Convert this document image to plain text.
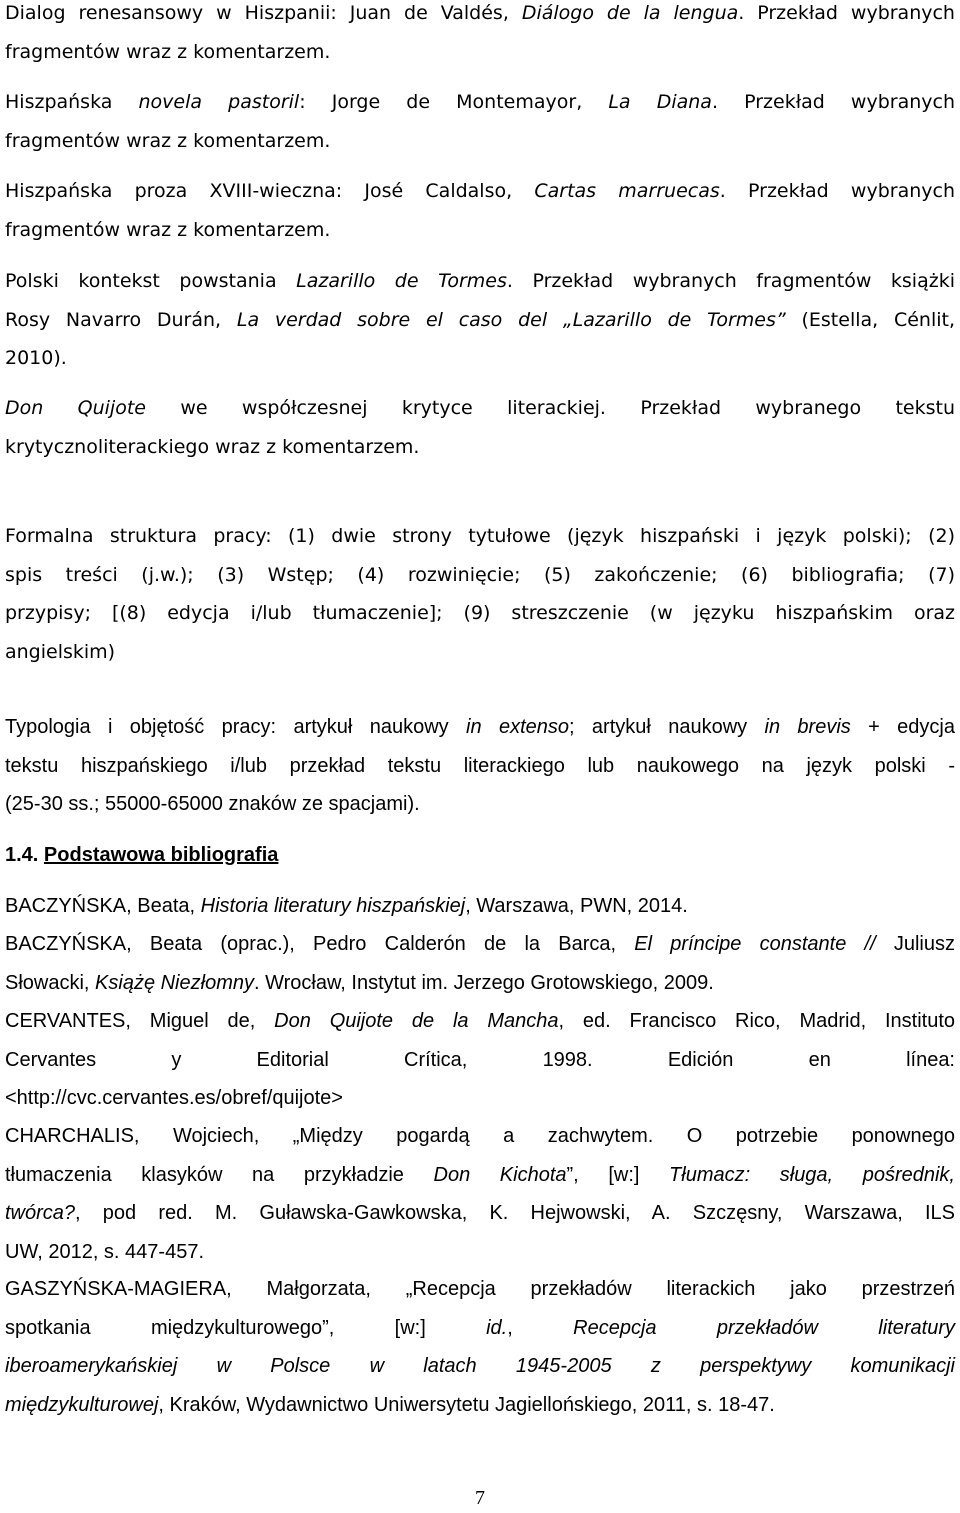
Dialog renesansowy w Hiszpanii: Juan de Valdés, Diálogo de la lengua. Przekład wybranych
fragmentów wraz z komentarzem.
Hiszpańska novela pastoril: Jorge de Montemayor, La Diana. Przekład wybranych
fragmentów wraz z komentarzem.
Hiszpańska proza XVIII-wieczna: José Caldalso, Cartas marruecas. Przekład wybranych
fragmentów wraz z komentarzem.
Polski kontekst powstania Lazarillo de Tormes. Przekład wybranych fragmentów książki
Rosy Navarro Durán, La verdad sobre el caso del „Lazarillo de Tormes” (Estella, Cénlit,
2010).
Don Quijote we współczesnej krytyce literackiej. Przekład wybranego tekstu
krytycznoliterackiego wraz z komentarzem.
Formalna struktura pracy: (1) dwie strony tytułowe (język hiszpański i język polski); (2)
spis treści (j.w.); (3) Wstęp; (4) rozwinięcie; (5) zakończenie; (6) bibliografia; (7)
przypisy; [(8) edycja i/lub tłumaczenie]; (9) streszczenie (w języku hiszpańskim oraz
angielskim)
Typologia i objętość pracy: artykuł naukowy in extenso; artykuł naukowy in brevis + edycja
tekstu hiszpańskiego i/lub przekład tekstu literackiego lub naukowego na język polski -
(25-30 ss.; 55000-65000 znaków ze spacjami).
1.4. Podstawowa bibliografia
BACZYŃSKA, Beata, Historia literatury hiszpańskiej, Warszawa, PWN, 2014.
BACZYŃSKA, Beata (oprac.), Pedro Calderón de la Barca, El príncipe constante // Juliusz
Słowacki, Książę Niezłomny. Wrocław, Instytut im. Jerzego Grotowskiego, 2009.
CERVANTES, Miguel de, Don Quijote de la Mancha, ed. Francisco Rico, Madrid, Instituto
Cervantes y Editorial Crítica, 1998. Edición en línea:
<http://cvc.cervantes.es/obref/quijote>
CHARCHALIS, Wojciech, „Między pogardą a zachwytem. O potrzebie ponownego
tłumaczenia klasyków na przykładzie Don Kichota”, [w:] Tłumacz: sługa, pośrednik,
twórca?, pod red. M. Guławska-Gawkowska, K. Hejwowski, A. Szczęsny, Warszawa, ILS
UW, 2012, s. 447-457.
GASZYŃSKA-MAGIERA, Małgorzata, „Recepcja przekładów literackich jako przestrzeń
spotkania międzykulturowego”, [w:] id., Recepcja przekładów literatury
iberoamerykańskiej w Polsce w latach 1945-2005 z perspektywy komunikacji
międzykulturowej, Kraków, Wydawnictwo Uniwersytetu Jagiellońskiego, 2011, s. 18-47.
7
